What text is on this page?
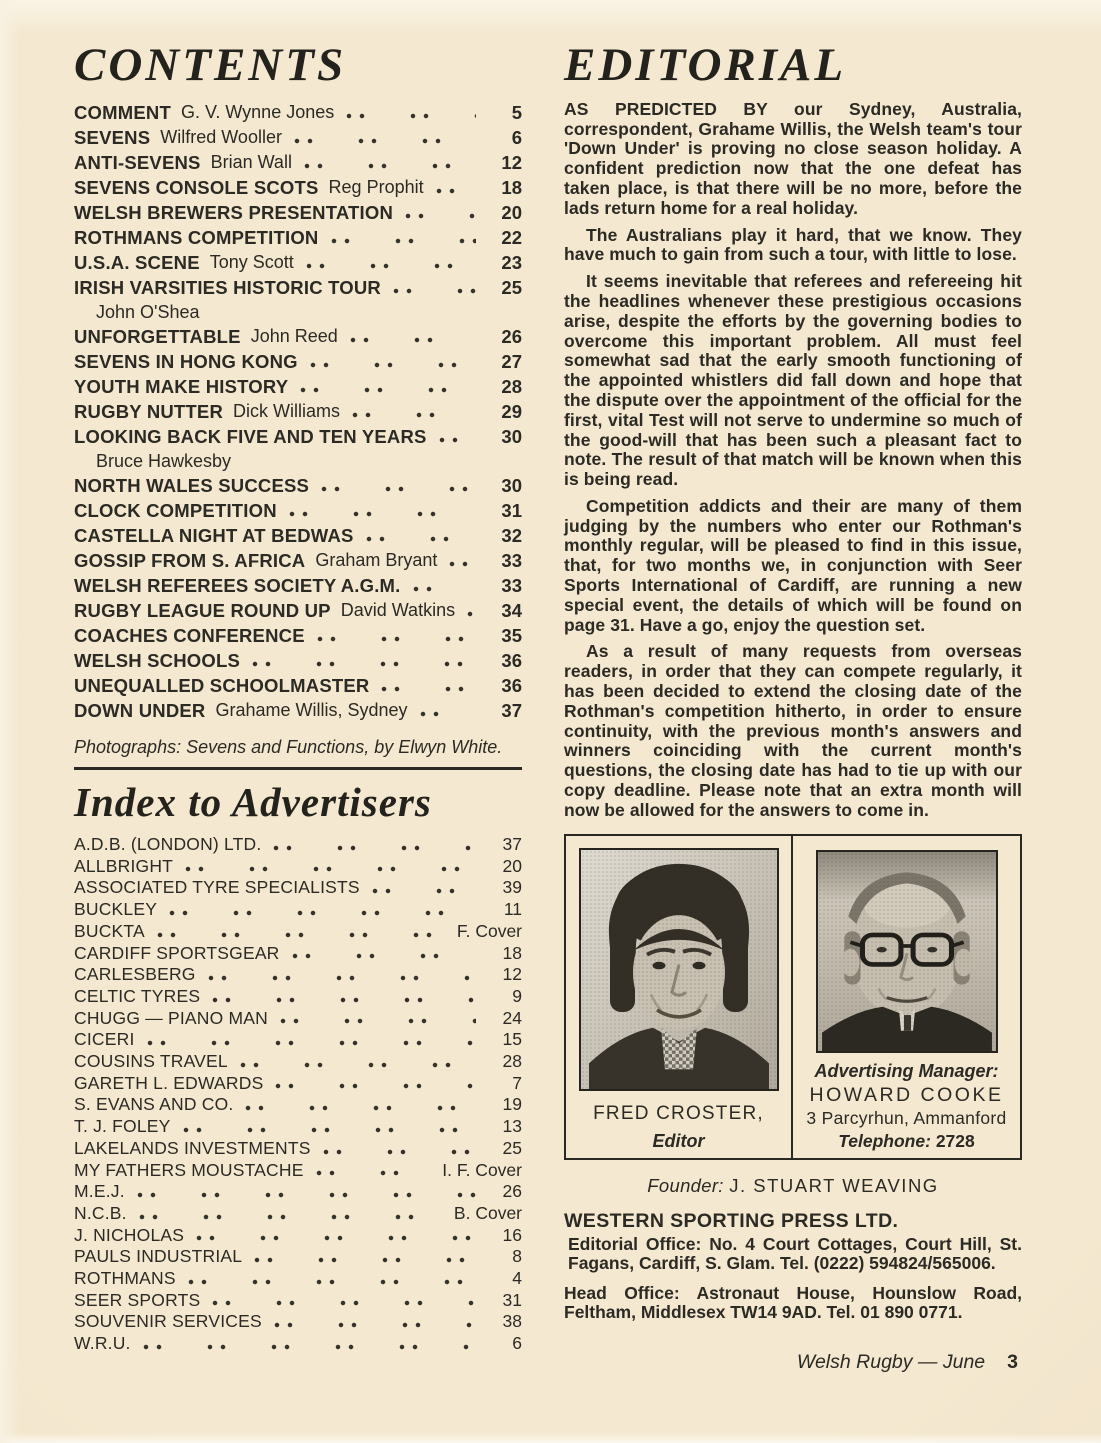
CONTENTS
COMMENT G. V. Wynne Jones	5
SEVENS Wilfred Wooller	6
ANTI-SEVENS Brian Wall	12
SEVENS CONSOLE SCOTS Reg Prophit	18
WELSH BREWERS PRESENTATION	20
ROTHMANS COMPETITION	22
U.S.A. SCENE Tony Scott	23
IRISH VARSITIES HISTORIC TOUR	25
John O'Shea
UNFORGETTABLE John Reed	26
SEVENS IN HONG KONG	27
YOUTH MAKE HISTORY	28
RUGBY NUTTER Dick Williams	29
LOOKING BACK FIVE AND TEN YEARS	30
Bruce Hawkesby
NORTH WALES SUCCESS	30
CLOCK COMPETITION	31
CASTELLA NIGHT AT BEDWAS	32
GOSSIP FROM S. AFRICA Graham Bryant	33
WELSH REFEREES SOCIETY A.G.M.	33
RUGBY LEAGUE ROUND UP David Watkins	34
COACHES CONFERENCE	35
WELSH SCHOOLS	36
UNEQUALLED SCHOOLMASTER	36
DOWN UNDER Grahame Willis, Sydney	37
Photographs: Sevens and Functions, by Elwyn White.
Index to Advertisers
A.D.B. (LONDON) LTD.	37
ALLBRIGHT	20
ASSOCIATED TYRE SPECIALISTS	39
BUCKLEY	11
BUCKTA	F. Cover
CARDIFF SPORTSGEAR	18
CARLESBERG	12
CELTIC TYRES	9
CHUGG — PIANO MAN	24
CICERI	15
COUSINS TRAVEL	28
GARETH L. EDWARDS	7
S. EVANS AND CO.	19
T. J. FOLEY	13
LAKELANDS INVESTMENTS	25
MY FATHERS MOUSTACHE	I. F. Cover
M.E.J.	26
N.C.B.	B. Cover
J. NICHOLAS	16
PAULS INDUSTRIAL	8
ROTHMANS	4
SEER SPORTS	31
SOUVENIR SERVICES	38
W.R.U.	6
EDITORIAL

AS PREDICTED BY our Sydney, Australia, correspondent, Grahame Willis, the Welsh team's tour 'Down Under' is proving no close season holiday. A confident prediction now that the one defeat has taken place, is that there will be no more, before the lads return home for a real holiday.

The Australians play it hard, that we know. They have much to gain from such a tour, with little to lose.

It seems inevitable that referees and refereeing hit the headlines whenever these prestigious occasions arise, despite the efforts by the governing bodies to overcome this important problem. All must feel somewhat sad that the early smooth functioning of the appointed whistlers did fall down and hope that the dispute over the appointment of the official for the first, vital Test will not serve to undermine so much of the good-will that has been such a pleasant fact to note. The result of that match will be known when this is being read.

Competition addicts and their are many of them judging by the numbers who enter our Rothman's monthly regular, will be pleased to find in this issue, that, for two months we, in conjunction with Seer Sports International of Cardiff, are running a new special event, the details of which will be found on page 31. Have a go, enjoy the question set.

As a result of many requests from overseas readers, in order that they can compete regularly, it has been decided to extend the closing date of the Rothman's competition hitherto, in order to ensure continuity, with the previous month's answers and winners coinciding with the current month's questions, the closing date has had to tie up with our copy deadline. Please note that an extra month will now be allowed for the answers to come in.

FRED CROSTER,
Editor
Advertising Manager:
HOWARD COOKE
3 Parcyrhun, Ammanford
Telephone: 2728
Founder: J. STUART WEAVING
WESTERN SPORTING PRESS LTD.

Editorial Office: No. 4 Court Cottages, Court Hill, St. Fagans, Cardiff, S. Glam. Tel. (0222) 594824/565006.

Head Office: Astronaut House, Hounslow Road, Feltham, Middlesex TW14 9AD. Tel. 01 890 0771.

Welsh Rugby — June 3
